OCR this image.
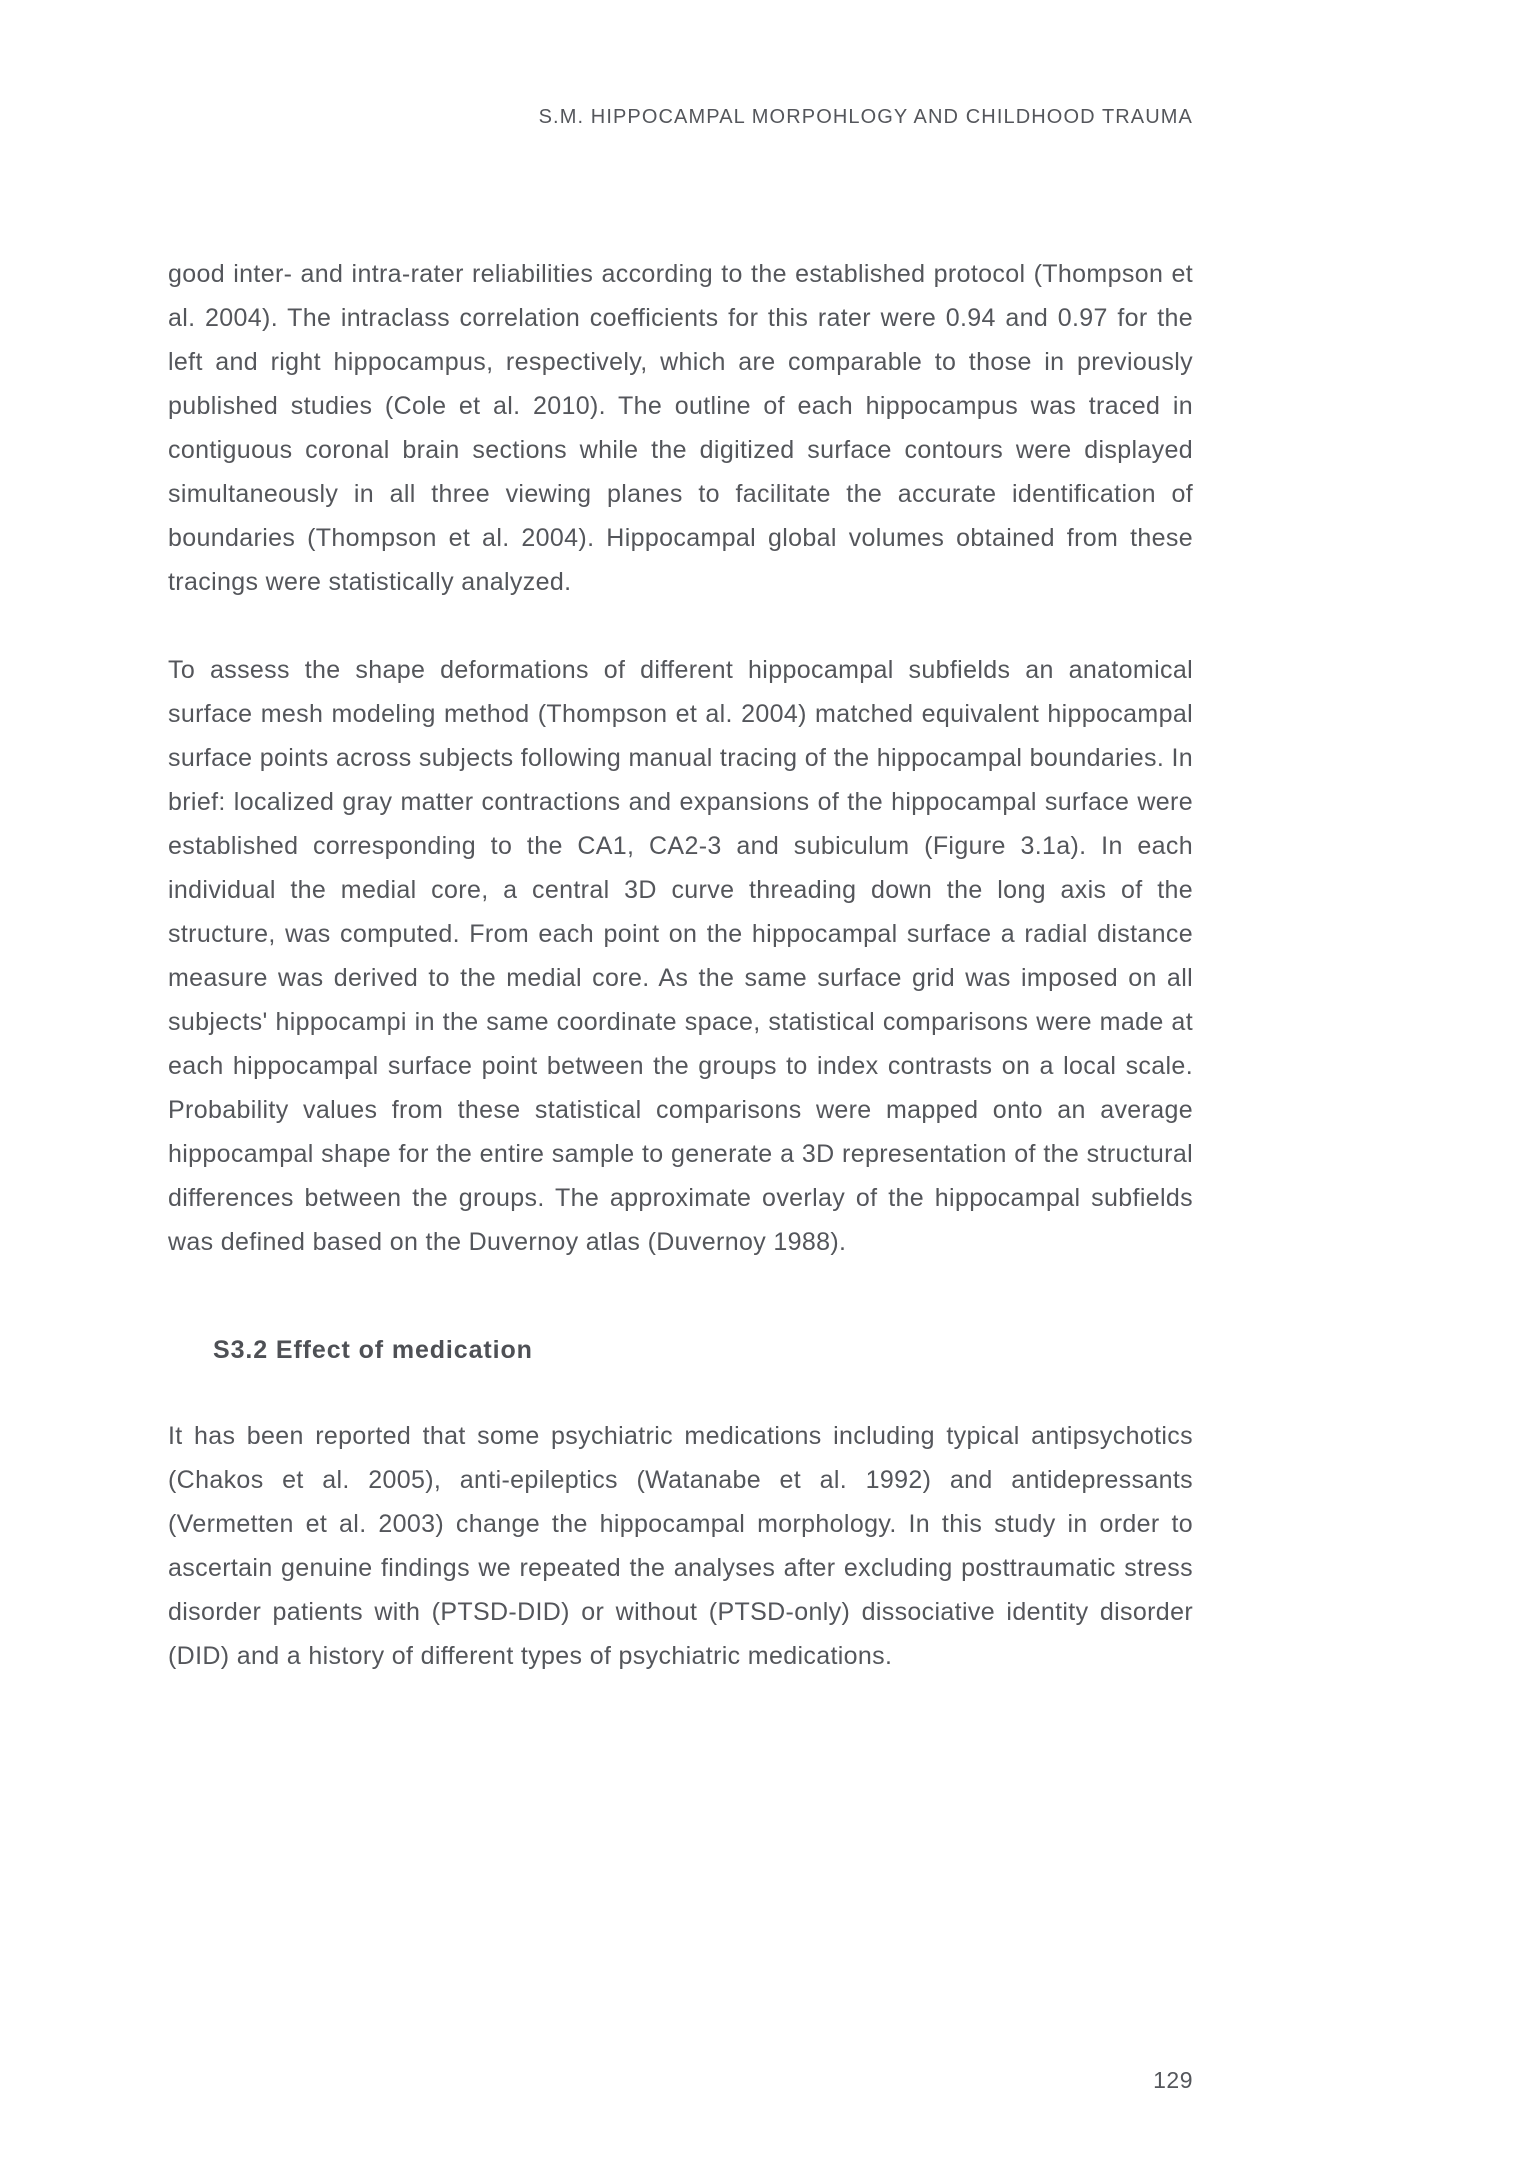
S.M. HIPPOCAMPAL MORPOHLOGY AND CHILDHOOD TRAUMA

good inter- and intra-rater reliabilities according to the established protocol (Thompson et al. 2004). The intraclass correlation coefficients for this rater were 0.94 and 0.97 for the left and right hippocampus, respectively, which are comparable to those in previously published studies (Cole et al. 2010). The outline of each hippocampus was traced in contiguous coronal brain sections while the digitized surface contours were displayed simultaneously in all three viewing planes to facilitate the accurate identification of boundaries (Thompson et al. 2004). Hippocampal global volumes obtained from these tracings were statistically analyzed.

To assess the shape deformations of different hippocampal subfields an anatomical surface mesh modeling method (Thompson et al. 2004) matched equivalent hippocampal surface points across subjects following manual tracing of the hippocampal boundaries. In brief: localized gray matter contractions and expansions of the hippocampal surface were established corresponding to the CA1, CA2-3 and subiculum (Figure 3.1a). In each individual the medial core, a central 3D curve threading down the long axis of the structure, was computed. From each point on the hippocampal surface a radial distance measure was derived to the medial core. As the same surface grid was imposed on all subjects' hippocampi in the same coordinate space, statistical comparisons were made at each hippocampal surface point between the groups to index contrasts on a local scale. Probability values from these statistical comparisons were mapped onto an average hippocampal shape for the entire sample to generate a 3D representation of the structural differences between the groups. The approximate overlay of the hippocampal subfields was defined based on the Duvernoy atlas (Duvernoy 1988).

S3.2 Effect of medication

It has been reported that some psychiatric medications including typical antipsychotics (Chakos et al. 2005), anti-epileptics (Watanabe et al. 1992) and antidepressants (Vermetten et al. 2003) change the hippocampal morphology. In this study in order to ascertain genuine findings we repeated the analyses after excluding posttraumatic stress disorder patients with (PTSD-DID) or without (PTSD-only) dissociative identity disorder (DID) and a history of different types of psychiatric medications.

129
